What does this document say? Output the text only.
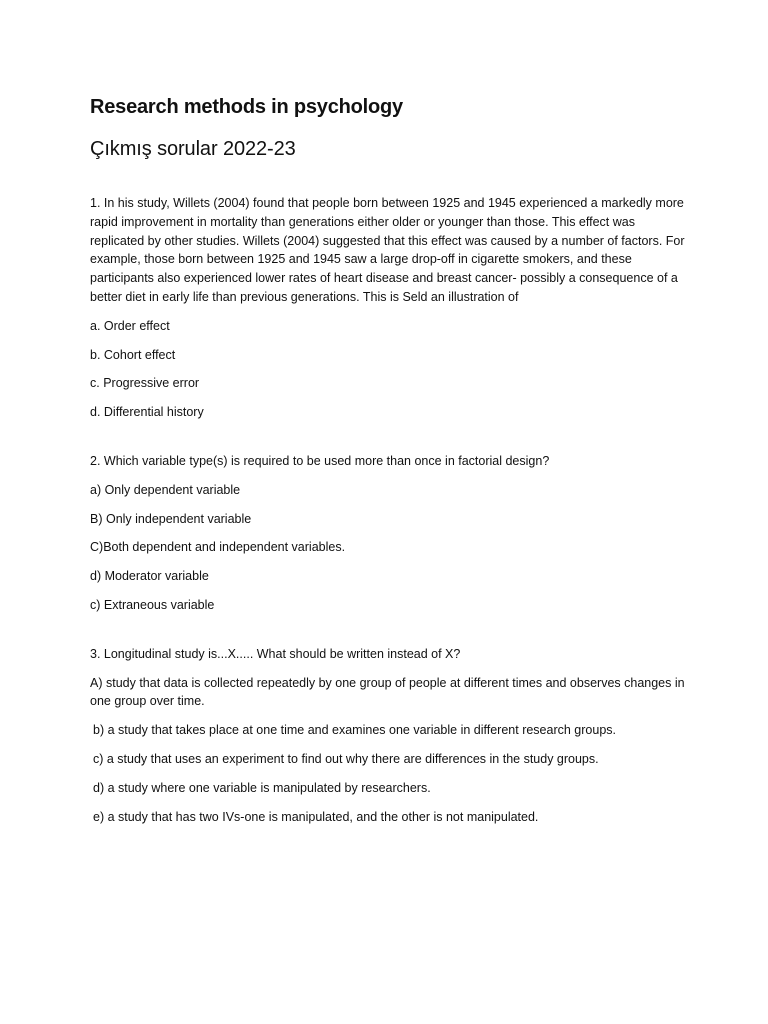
Research methods in psychology
Çıkmış sorular 2022-23

1. In his study, Willets (2004) found that people born between 1925 and 1945 experienced a markedly more rapid improvement in mortality than generations either older or younger than those. This effect was replicated by other studies. Willets (2004) suggested that this effect was caused by a number of factors. For example, those born between 1925 and 1945 saw a large drop-off in cigarette smokers, and these participants also experienced lower rates of heart disease and breast cancer- possibly a consequence of a better diet in early life than previous generations. This is Seld an illustration of

a. Order effect

b. Cohort effect

c. Progressive error

d. Differential history

2. Which variable type(s) is required to be used more than once in factorial design?

a) Only dependent variable

B) Only independent variable

C)Both dependent and independent variables.

d) Moderator variable

c) Extraneous variable

3. Longitudinal study is...X..... What should be written instead of X?

A) study that data is collected repeatedly by one group of people at different times and observes changes in one group over time.

b) a study that takes place at one time and examines one variable in different research groups.

c) a study that uses an experiment to find out why there are differences in the study groups.

d) a study where one variable is manipulated by researchers.

e) a study that has two IVs-one is manipulated, and the other is not manipulated.
